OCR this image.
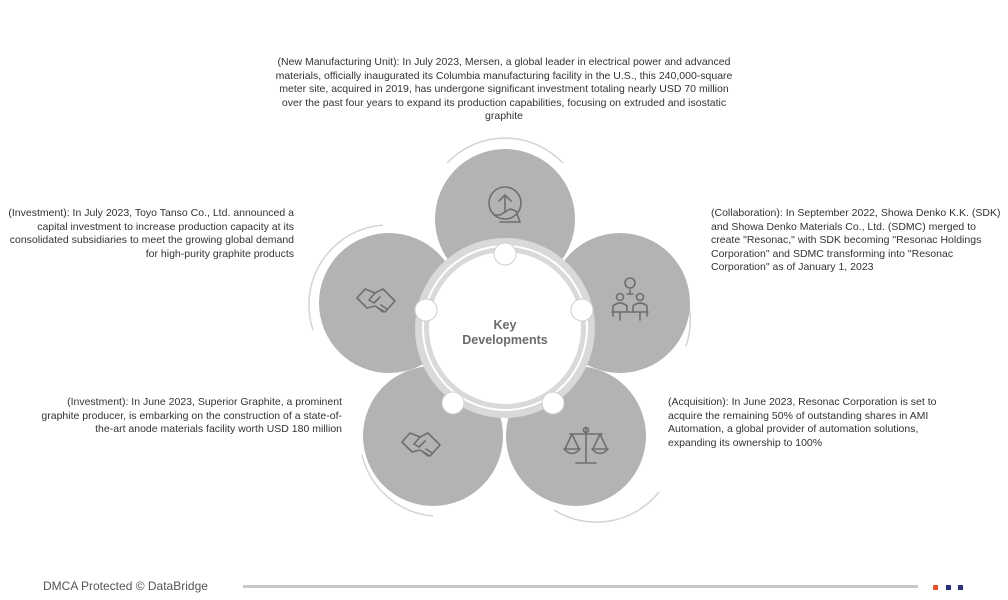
Key
Developments
(New Manufacturing Unit): In July 2023, Mersen, a global leader in electrical power and advanced materials, officially inaugurated its Columbia manufacturing facility in the U.S., this 240,000-square meter site, acquired in 2019, has undergone significant investment totaling nearly USD 70 million over the past four years to expand its production capabilities, focusing on extruded and isostatic graphite
(Collaboration): In September 2022, Showa Denko K.K. (SDK) and Showa Denko Materials Co., Ltd. (SDMC) merged to create "Resonac," with SDK becoming "Resonac Holdings Corporation" and SDMC transforming into "Resonac Corporation" as of January 1, 2023
(Acquisition): In June 2023, Resonac Corporation is set to acquire the remaining 50% of outstanding shares in AMI Automation, a global provider of automation solutions, expanding its ownership to 100%
(Investment): In June 2023, Superior Graphite, a prominent graphite producer, is embarking on the construction of a state-of-the-art anode materials facility worth USD 180 million
(Investment): In July 2023, Toyo Tanso Co., Ltd. announced a capital investment to increase production capacity at its consolidated subsidiaries to meet the growing global demand for high-purity graphite products
DMCA Protected © DataBridge
